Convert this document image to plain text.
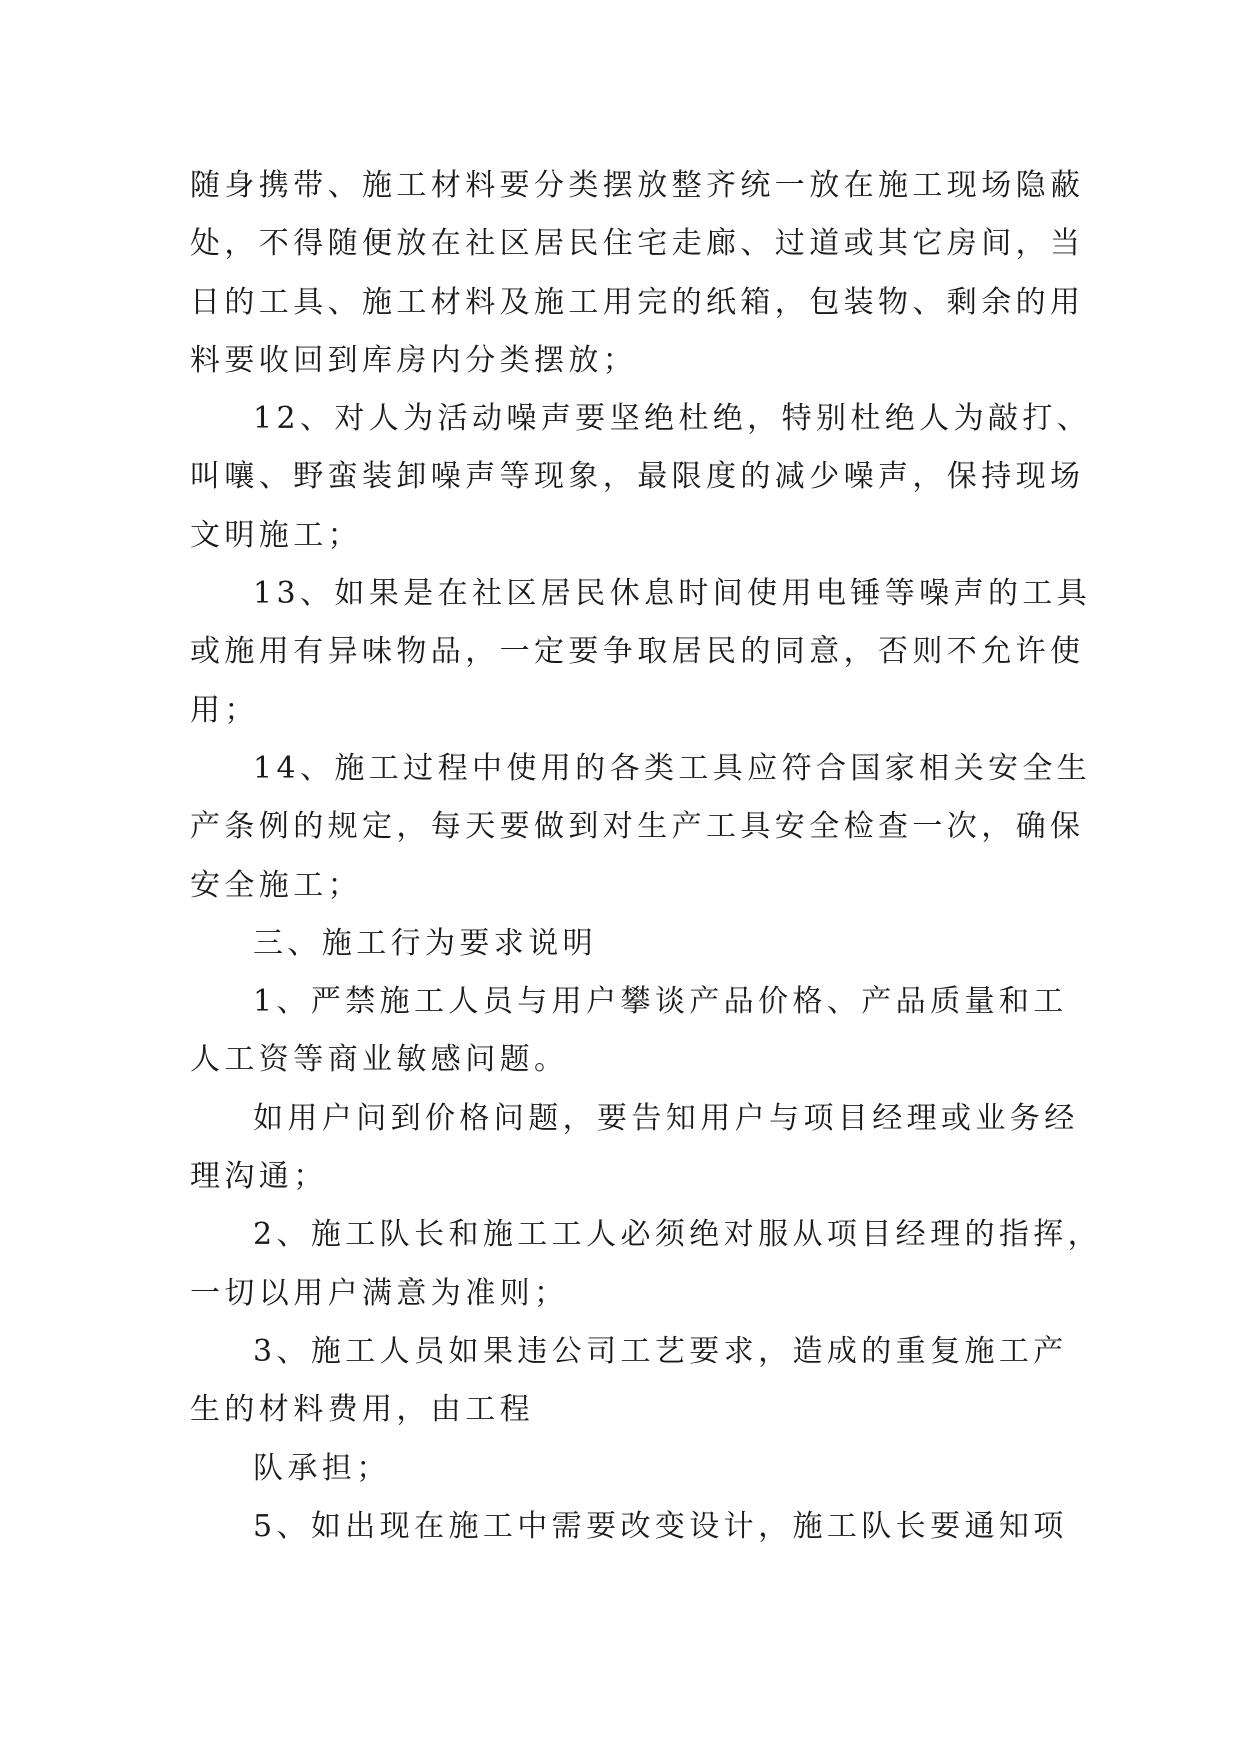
随身携带、施工材料要分类摆放整齐统一放在施工现场隐蔽
处，不得随便放在社区居民住宅走廊、过道或其它房间，当
日的工具、施工材料及施工用完的纸箱，包装物、剩余的用
料要收回到库房内分类摆放；
12、对人为活动噪声要坚绝杜绝，特别杜绝人为敲打、
叫嚷、野蛮装卸噪声等现象，最限度的减少噪声，保持现场
文明施工；
13、如果是在社区居民休息时间使用电锤等噪声的工具
或施用有异味物品，一定要争取居民的同意，否则不允许使
用；
14、施工过程中使用的各类工具应符合国家相关安全生
产条例的规定，每天要做到对生产工具安全检查一次，确保
安全施工；
三、施工行为要求说明
1、严禁施工人员与用户攀谈产品价格、产品质量和工
人工资等商业敏感问题。
如用户问到价格问题，要告知用户与项目经理或业务经
理沟通；
2、施工队长和施工工人必须绝对服从项目经理的指挥，
一切以用户满意为准则；
3、施工人员如果违公司工艺要求，造成的重复施工产
生的材料费用，由工程
队承担；
5、如出现在施工中需要改变设计，施工队长要通知项
